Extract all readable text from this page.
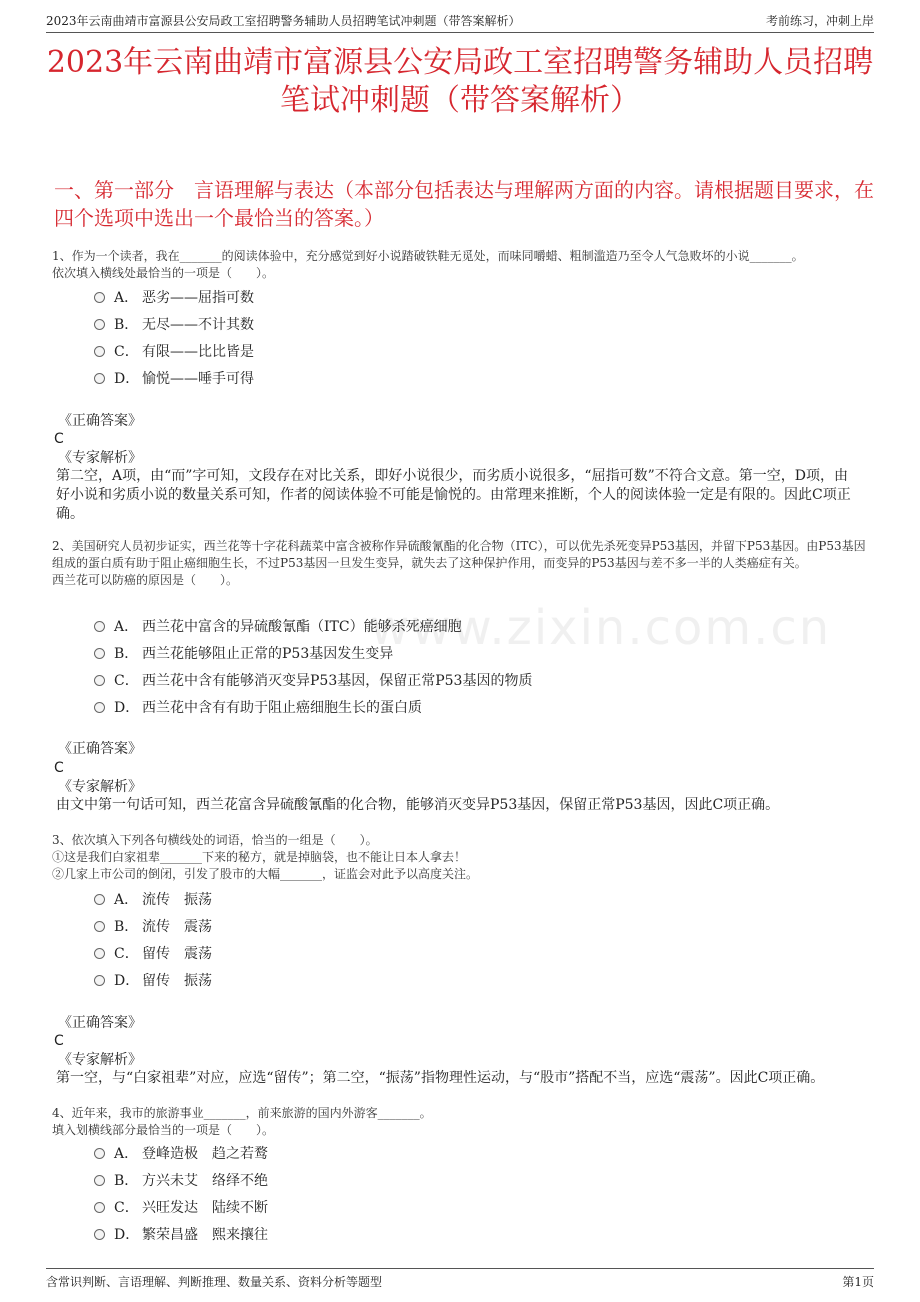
2023年云南曲靖市富源县公安局政工室招聘警务辅助人员招聘笔试冲刺题（带答案解析）	考前练习，冲刺上岸
2023年云南曲靖市富源县公安局政工室招聘警务辅助人员招聘笔试冲刺题（带答案解析）
一、第一部分　言语理解与表达（本部分包括表达与理解两方面的内容。请根据题目要求，在四个选项中选出一个最恰当的答案。）
www.zixin.com.cn
1、作为一个读者，我在_______的阅读体验中，充分感觉到好小说踏破铁鞋无觅处，而味同嚼蜡、粗制滥造乃至令人气急败坏的小说_______。
依次填入横线处最恰当的一项是（　　）。
A． 恶劣——屈指可数
B． 无尽——不计其数
C． 有限——比比皆是
D． 愉悦——唾手可得
《正确答案》
C
《专家解析》
第二空，A项，由“而”字可知，文段存在对比关系，即好小说很少，而劣质小说很多，“屈指可数”不符合文意。第一空，D项，由好小说和劣质小说的数量关系可知，作者的阅读体验不可能是愉悦的。由常理来推断，个人的阅读体验一定是有限的。因此C项正确。
2、美国研究人员初步证实，西兰花等十字花科蔬菜中富含被称作异硫酸氰酯的化合物（ITC），可以优先杀死变异P53基因，并留下P53基因。由P53基因组成的蛋白质有助于阻止癌细胞生长，不过P53基因一旦发生变异，就失去了这种保护作用，而变异的P53基因与差不多一半的人类癌症有关。
西兰花可以防癌的原因是（　　）。
A． 西兰花中富含的异硫酸氰酯（ITC）能够杀死癌细胞
B． 西兰花能够阻止正常的P53基因发生变异
C． 西兰花中含有能够消灭变异P53基因，保留正常P53基因的物质
D． 西兰花中含有有助于阻止癌细胞生长的蛋白质
《正确答案》
C
《专家解析》
由文中第一句话可知，西兰花富含异硫酸氰酯的化合物，能够消灭变异P53基因，保留正常P53基因，因此C项正确。
3、依次填入下列各句横线处的词语，恰当的一组是（　　）。
①这是我们白家祖辈_______下来的秘方，就是掉脑袋，也不能让日本人拿去！
②几家上市公司的倒闭，引发了股市的大幅_______，证监会对此予以高度关注。
A． 流传　振荡
B． 流传　震荡
C． 留传　震荡
D． 留传　振荡
《正确答案》
C
《专家解析》
第一空，与“白家祖辈”对应，应选“留传”；第二空，“振荡”指物理性运动，与“股市”搭配不当，应选“震荡”。因此C项正确。
4、近年来，我市的旅游事业_______，前来旅游的国内外游客_______。
填入划横线部分最恰当的一项是（　　）。
A． 登峰造极　趋之若鹜
B． 方兴未艾　络绎不绝
C． 兴旺发达　陆续不断
D． 繁荣昌盛　熙来攘往
含常识判断、言语理解、判断推理、数量关系、资料分析等题型	第1页
